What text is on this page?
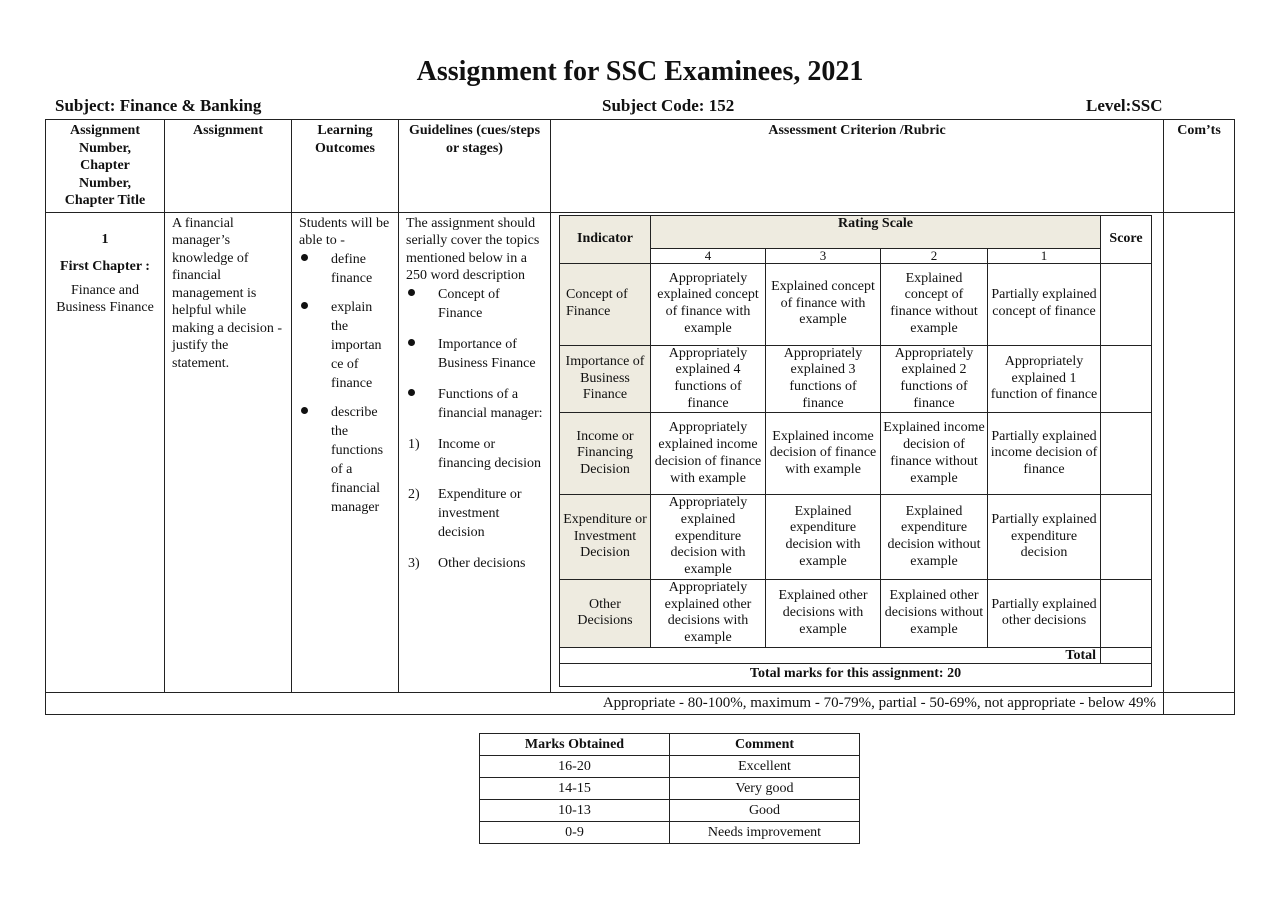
Assignment for SSC Examinees, 2021
Subject: Finance & Banking	Subject Code: 152	Level:SSC
Assignment Number, Chapter Number, Chapter Title	Assignment	Learning Outcomes	Guidelines (cues/steps or stages)	Assessment Criterion /Rubric	Com’ts

1
First Chapter :
Finance and Business Finance

A financial manager’s knowledge of financial management is helpful while making a decision - justify the statement.

Students will be able to -
define finance
explain the importan ce of finance
describe the functions of a financial manager

The assignment should serially cover the topics mentioned below in a 250 word description
Concept of Finance
Importance of Business Finance
Functions of a financial manager:
1) Income or financing decision
2) Expenditure or investment decision
3) Other decisions

Indicator	Rating Scale	Score
4	3	2	1
Concept of Finance	Appropriately explained concept of finance with example	Explained concept of finance with example	Explained concept of finance without example	Partially explained concept of finance	
Importance of Business Finance	Appropriately explained 4 functions of finance	Appropriately explained 3 functions of finance	Appropriately explained 2 functions of finance	Appropriately explained 1 function of finance	
Income or Financing Decision	Appropriately explained income decision of finance with example	Explained income decision of finance with example	Explained income decision of finance without example	Partially explained income decision of finance	
Expenditure or Investment Decision	Appropriately explained expenditure decision with example	Explained expenditure decision with example	Explained expenditure decision without example	Partially explained expenditure decision	
Other Decisions	Appropriately explained other decisions with example	Explained other decisions with example	Explained other decisions without example	Partially explained other decisions	
Total	
Total marks for this assignment: 20

Appropriate - 80-100%, maximum - 70-79%, partial - 50-69%, not appropriate - below 49%	
Marks Obtained	Comment
16-20	Excellent
14-15	Very good
10-13	Good
0-9	Needs improvement
